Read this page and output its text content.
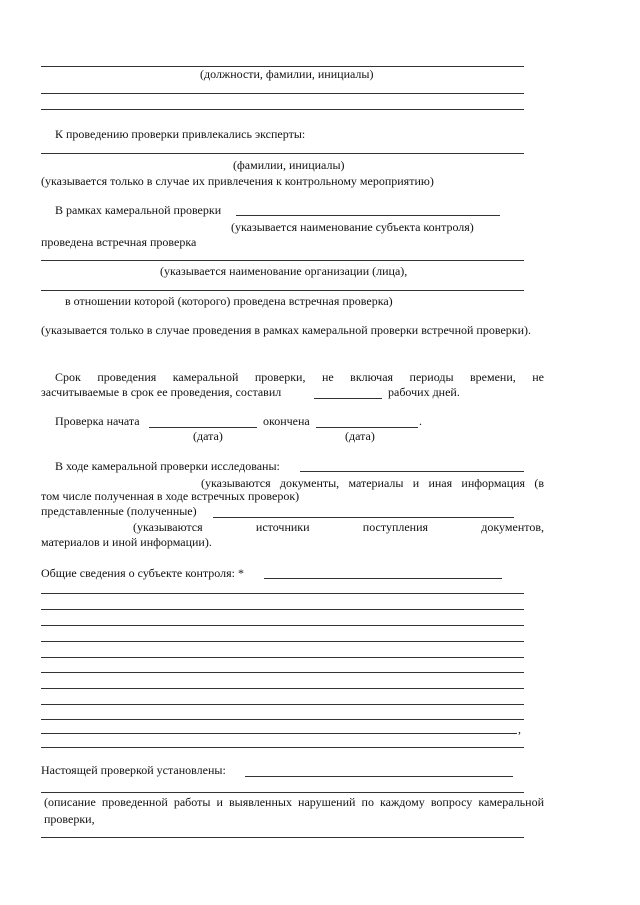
(должности, фамилии, инициалы)
К проведению проверки привлекались эксперты:
(фамилии, инициалы)
(указывается только в случае их привлечения к контрольному мероприятию)
В рамках камеральной проверки
(указывается наименование субъекта контроля)
проведена встречная проверка
(указывается наименование организации (лица),
в отношении которой (которого) проведена встречная проверка)
(указывается только в случае проведения в рамках камеральной проверки встречной проверки).
Срок проведения камеральной проверки, не включая периоды времени, не
засчитываемые в срок ее проведения, составил	рабочих дней.
Проверка начата	окончена	.
(дата)	(дата)
В ходе камеральной проверки исследованы:
(указываются документы, материалы и иная информация (в
том числе полученная в ходе встречных проверок)
представленные (полученные)
(указываются источники поступления документов,
материалов и иной информации).
Общие сведения о субъекте контроля: *
,
Настоящей проверкой установлены:
(описание проведенной работы и выявленных нарушений по каждому вопросу камеральной проверки,
